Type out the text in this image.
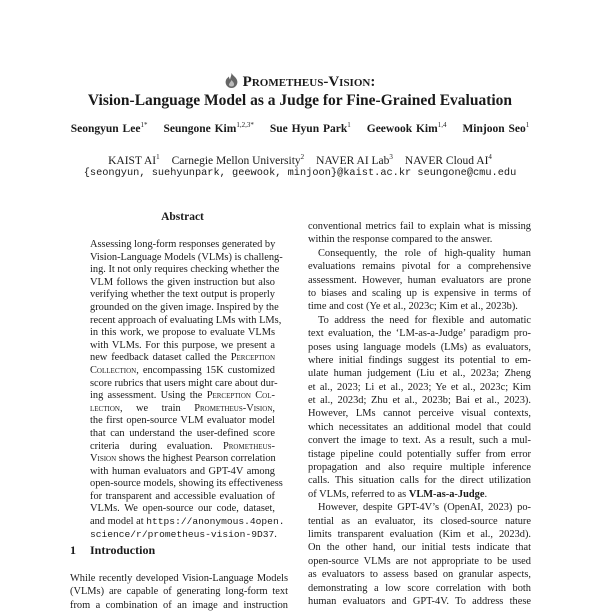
Prometheus-Vision:
Vision-Language Model as a Judge for Fine-Grained Evaluation
Seongyun Lee$^{1*}$ Seungone Kim$^{1,2,3*}$ Sue Hyun Park$^1$ Geewook Kim$^{1,4}$ Minjoon Seo$^1$
KAIST $AI^1$ Carnegie Mellon University$^2$ NAVER AI Lab$^3$ NAVER Cloud $AI^4$
{seongyun, suehyunpark, geewook, minjoon}@kaist.ac.kr seungone@cmu.edu
Abstract
Assessing long-form responses generated by
Vision-Language Models (VLMs) is challeng-
ing. It not only requires checking whether the
VLM follows the given instruction but also
verifying whether the text output is properly
grounded on the given image. Inspired by the
recent approach of evaluating LMs with LMs,
in this work, we propose to evaluate VLMs
with VLMs. For this purpose, we present a
new feedback dataset called the Perception
Collection, encompassing 15K customized
score rubrics that users might care about dur-
ing assessment. Using the Perception Col-
lection, we train Prometheus-Vision,
the first open-source VLM evaluator model
that can understand the user-defined score
criteria during evaluation. Prometheus-
Vision shows the highest Pearson correlation
with human evaluators and GPT-4V among
open-source models, showing its effectiveness
for transparent and accessible evaluation of
VLMs. We open-source our code, dataset,
and model at https://anonymous.4open.
science/r/prometheus-vision-9D37.
1 Introduction
While recently developed Vision-Language Models
(VLMs) are capable of generating long-form text
from a combination of an image and instruction
conventional metrics fail to explain what is missing
within the response compared to the answer.
Consequently, the role of high-quality human
evaluations remains pivotal for a comprehensive
assessment. However, human evaluators are prone
to biases and scaling up is expensive in terms of
time and cost (Ye et al., 2023c; Kim et al., 2023b).
To address the need for flexible and automatic
text evaluation, the ‘LM-as-a-Judge’ paradigm pro-
poses using language models (LMs) as evaluators,
where initial findings suggest its potential to em-
ulate human judgement (Liu et al., 2023a; Zheng
et al., 2023; Li et al., 2023; Ye et al., 2023c; Kim
et al., 2023d; Zhu et al., 2023b; Bai et al., 2023).
However, LMs cannot perceive visual contexts,
which necessitates an additional model that could
convert the image to text. As a result, such a mul-
tistage pipeline could potentially suffer from error
propagation and also require multiple inference
calls. This situation calls for the direct utilization
of VLMs, referred to as VLM-as-a-Judge.
However, despite GPT-4V’s (OpenAI, 2023) po-
tential as an evaluator, its closed-source nature
limits transparent evaluation (Kim et al., 2023d).
On the other hand, our initial tests indicate that
open-source VLMs are not appropriate to be used
as evaluators to assess based on granular aspects,
demonstrating a low score correlation with both
human evaluators and GPT-4V. To address these
